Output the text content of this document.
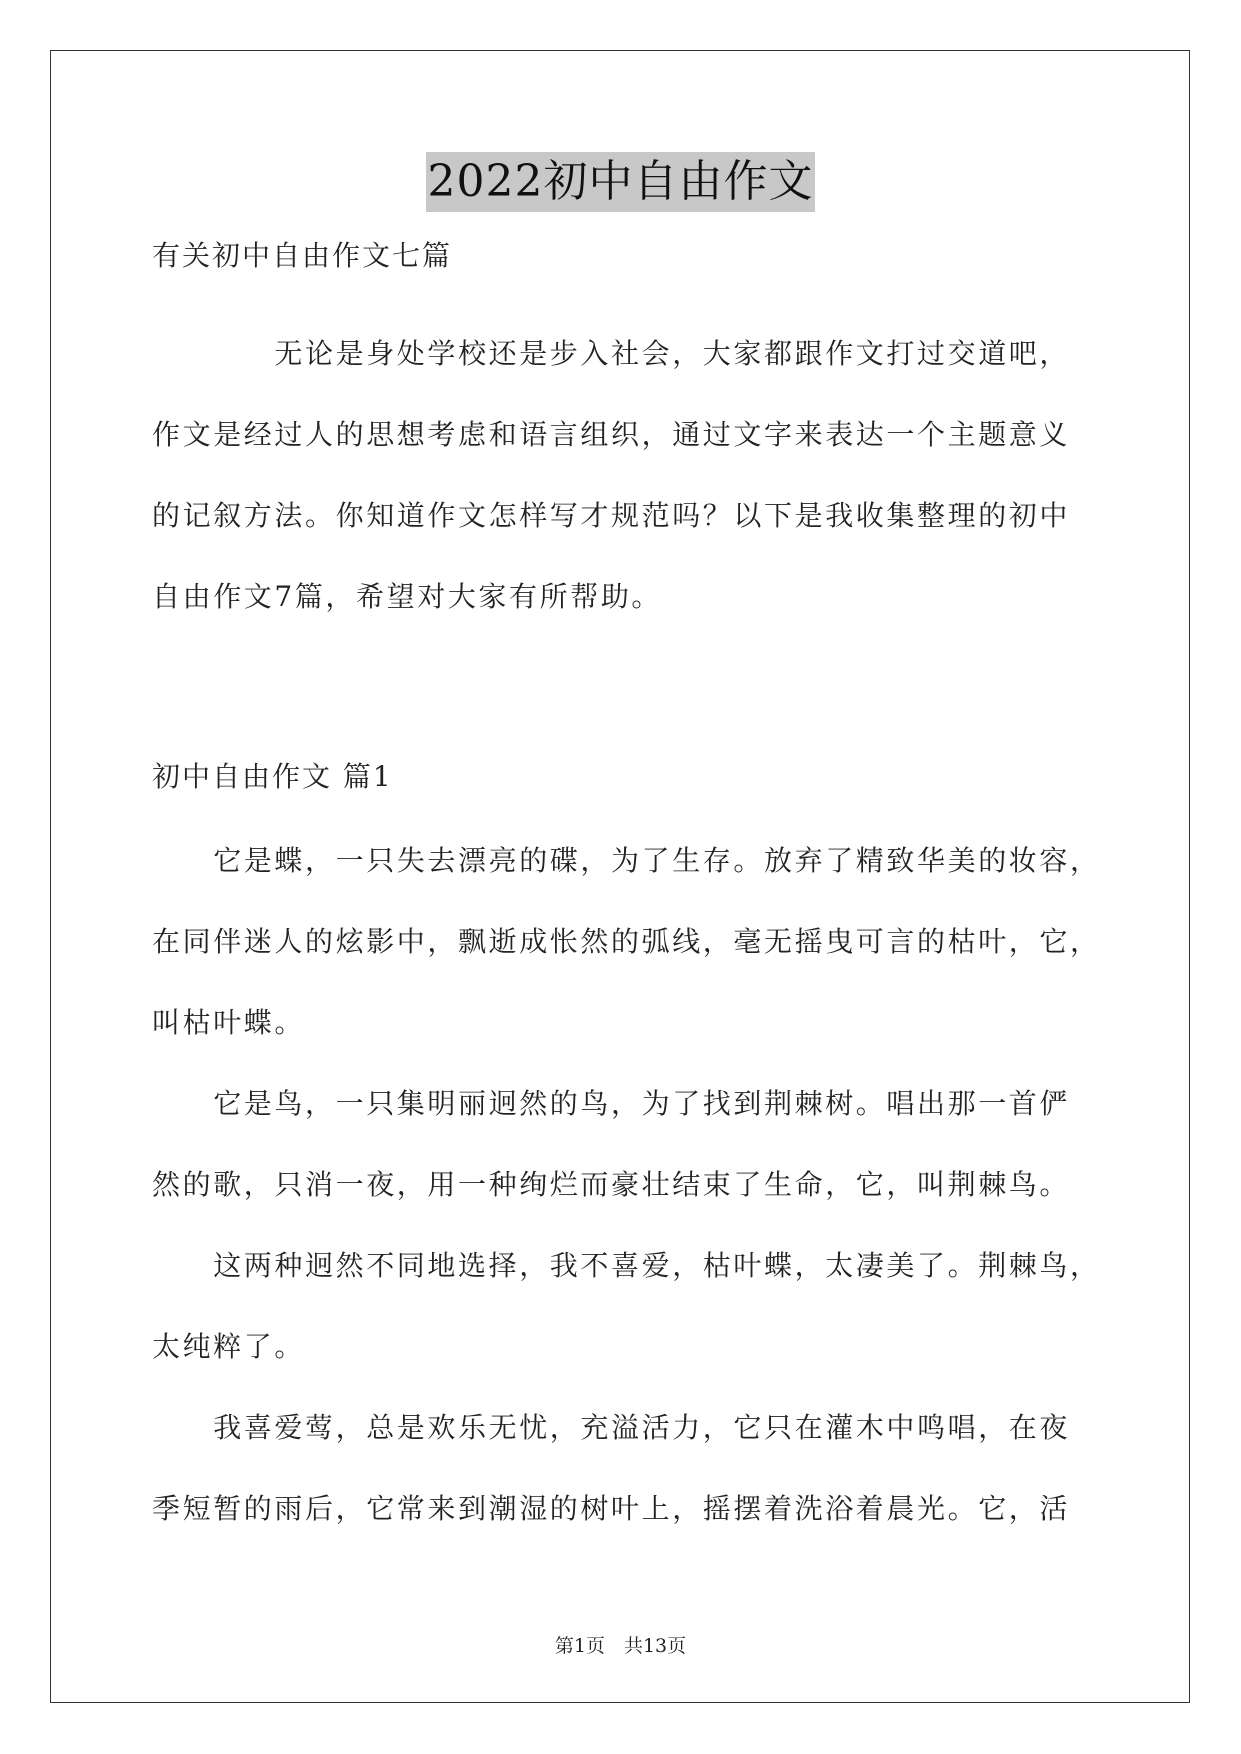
2022初中自由作文

有关初中自由作文七篇

　　　　无论是身处学校还是步入社会，大家都跟作文打过交道吧，
作文是经过人的思想考虑和语言组织，通过文字来表达一个主题意义
的记叙方法。你知道作文怎样写才规范吗？以下是我收集整理的初中
自由作文7篇，希望对大家有所帮助。
初中自由作文 篇1
　　它是蝶，一只失去漂亮的碟，为了生存。放弃了精致华美的妆容，
在同伴迷人的炫影中，飘逝成怅然的弧线，毫无摇曳可言的枯叶，它，
叫枯叶蝶。
　　它是鸟，一只集明丽迥然的鸟，为了找到荆棘树。唱出那一首俨
然的歌，只消一夜，用一种绚烂而豪壮结束了生命，它，叫荆棘鸟。
　　这两种迥然不同地选择，我不喜爱，枯叶蝶，太凄美了。荆棘鸟，
太纯粹了。
　　我喜爱莺，总是欢乐无忧，充溢活力，它只在灌木中鸣唱，在夜
季短暂的雨后，它常来到潮湿的树叶上，摇摆着洗浴着晨光。它，活
第1页　共13页
